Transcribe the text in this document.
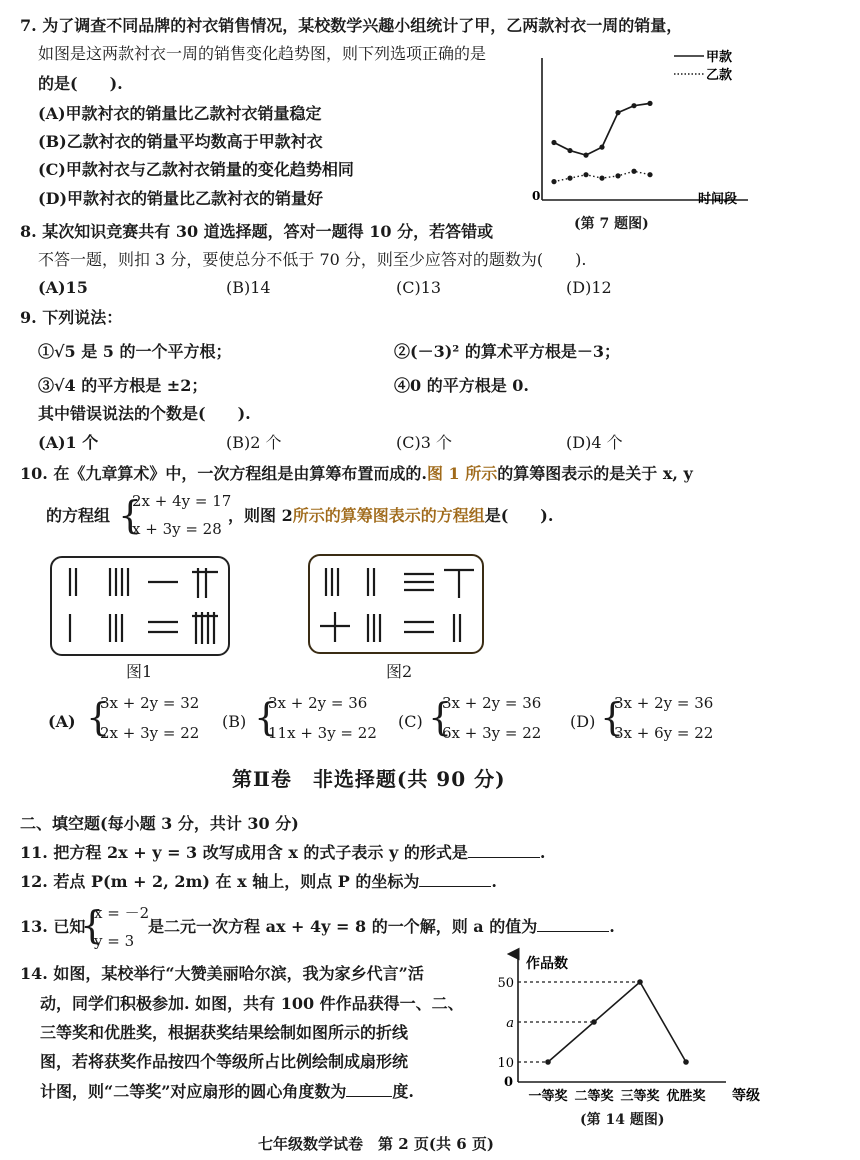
7. 为了调查不同品牌的衬衣销售情况，某校数学兴趣小组统计了甲，乙两款衬衣一周的销量，
如图是这两款衬衣一周的销售变化趋势图，则下列选项正确的是
的是(　　).
(A)甲款衬衣的销量比乙款衬衣销量稳定
(B)乙款衬衣的销量平均数高于甲款衬衣
(C)甲款衬衣与乙款衬衣销量的变化趋势相同
(D)甲款衬衣的销量比乙款衬衣的销量好
甲款
乙款
0	时间段
(第 7 题图)
8. 某次知识竞赛共有 30 道选择题，答对一题得 10 分，若答错或
不答一题，则扣 3 分，要使总分不低于 70 分，则至少应答对的题数为(　　).
(A)15	(B)14	(C)13	(D)12
9. 下列说法：
①√5 是 5 的一个平方根；	②(－3)² 的算术平方根是－3；
③√4 的平方根是 ±2；	④0 的平方根是 0.
其中错误说法的个数是(　　).
(A)1 个	(B)2 个	(C)3 个	(D)4 个
10. 在《九章算术》中，一次方程组是由算筹布置而成的.图 1 所示的算筹图表示的是关于 x, y
的方程组 {
2x + 4y = 17
x + 3y = 28
，则图 2所示的算筹图表示的方程组是(　　).
图1	图2
(A) {
3x + 2y = 32
2x + 3y = 22
(B) {
3x + 2y = 36
11x + 3y = 22
(C) {
3x + 2y = 36
6x + 3y = 22
(D) {
3x + 2y = 36
3x + 6y = 22
第Ⅱ卷　非选择题(共 90 分)
二、填空题(每小题 3 分，共计 30 分)
11. 把方程 2x + y = 3 改写成用含 x 的式子表示 y 的形式是	.
12. 若点 P(m + 2, 2m) 在 x 轴上，则点 P 的坐标为	.
13. 已知
{
x = －2
y = 3
是二元一次方程 ax + 4y = 8 的一个解，则 a 的值为	.
14. 如图，某校举行“大赞美丽哈尔滨，我为家乡代言”活
动，同学们积极参加. 如图，共有 100 件作品获得一、二、
三等奖和优胜奖，根据获奖结果绘制如图所示的折线
图，若将获奖作品按四个等级所占比例绘制成扇形统
计图，则“二等奖”对应扇形的圆心角度数为	度.
作品数
0
等级
10
a
50
一等奖 二等奖 三等奖 优胜奖
(第 14 题图)
七年级数学试卷　第 2 页(共 6 页)
